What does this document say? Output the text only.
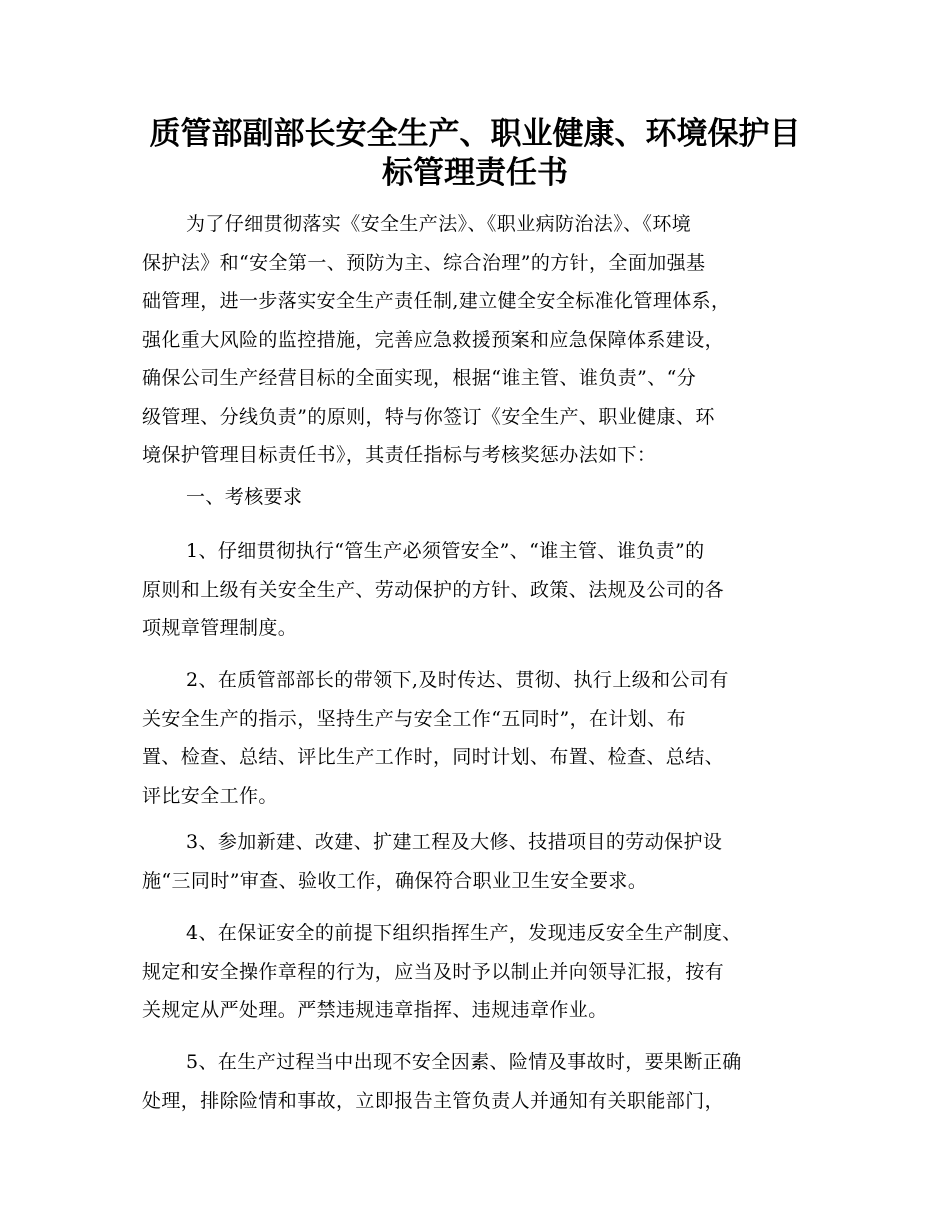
质管部副部长安全生产、职业健康、环境保护目
标管理责任书
为了仔细贯彻落实《安全生产法》、《职业病防治法》、《环境
保护法》和“安全第一、预防为主、综合治理”的方针，全面加强基
础管理，进一步落实安全生产责任制,建立健全安全标准化管理体系，
强化重大风险的监控措施，完善应急救援预案和应急保障体系建设，
确保公司生产经营目标的全面实现，根据“谁主管、谁负责”、“分
级管理、分线负责”的原则，特与你签订《安全生产、职业健康、环
境保护管理目标责任书》，其责任指标与考核奖惩办法如下：
一、考核要求
1、仔细贯彻执行“管生产必须管安全”、“谁主管、谁负责”的
原则和上级有关安全生产、劳动保护的方针、政策、法规及公司的各
项规章管理制度。
2、在质管部部长的带领下,及时传达、贯彻、执行上级和公司有
关安全生产的指示，坚持生产与安全工作“五同时”，在计划、布
置、检查、总结、评比生产工作时，同时计划、布置、检查、总结、
评比安全工作。
3、参加新建、改建、扩建工程及大修、技措项目的劳动保护设
施“三同时”审查、验收工作，确保符合职业卫生安全要求。
4、在保证安全的前提下组织指挥生产，发现违反安全生产制度、
规定和安全操作章程的行为，应当及时予以制止并向领导汇报，按有
关规定从严处理。严禁违规违章指挥、违规违章作业。
5、在生产过程当中出现不安全因素、险情及事故时，要果断正确
处理，排除险情和事故，立即报告主管负责人并通知有关职能部门，
